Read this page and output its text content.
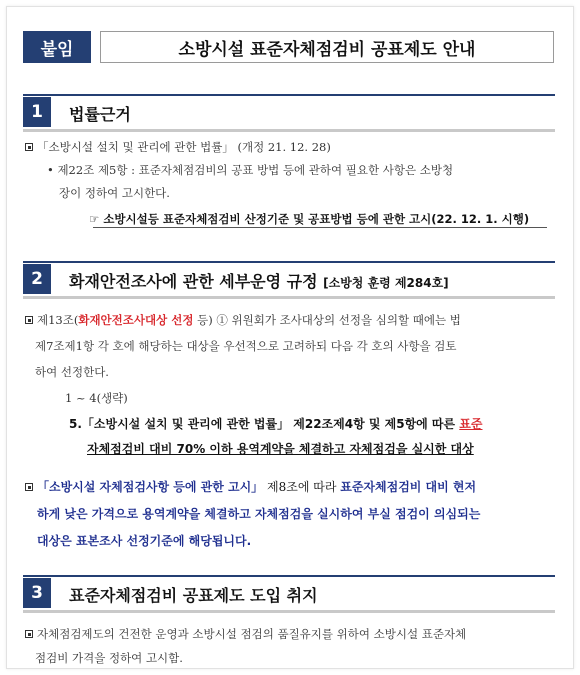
붙임	소방시설 표준자체점검비 공표제도 안내
1	법률근거
「소방시설 설치 및 관리에 관한 법률」 (개정 21. 12. 28)
• 제22조 제5항 : 표준자체점검비의 공표 방법 등에 관하여 필요한 사항은 소방청
장이 정하여 고시한다.
☞ 소방시설등 표준자체점검비 산정기준 및 공표방법 등에 관한 고시(22. 12. 1. 시행)
2	화재안전조사에 관한 세부운영 규정 [소방청 훈령 제284호]
제13조(화재안전조사대상 선정 등) ① 위원회가 조사대상의 선정을 심의할 때에는 법
제7조제1항 각 호에 해당하는 대상을 우선적으로 고려하되 다음 각 호의 사항을 검토
하여 선정한다.
1 ~ 4(생략)
5.「소방시설 설치 및 관리에 관한 법률」 제22조제4항 및 제5항에 따른 표준
자체점검비 대비 70% 이하 용역계약을 체결하고 자체점검을 실시한 대상
「소방시설 자체점검사항 등에 관한 고시」 제8조에 따라 표준자체점검비 대비 현저
하게 낮은 가격으로 용역계약을 체결하고 자체점검을 실시하여 부실 점검이 의심되는
대상은 표본조사 선정기준에 해당됩니다.
3	표준자체점검비 공표제도 도입 취지
자체점검제도의 건전한 운영과 소방시설 점검의 품질유지를 위하여 소방시설 표준자체
점검비 가격을 정하여 고시함.
